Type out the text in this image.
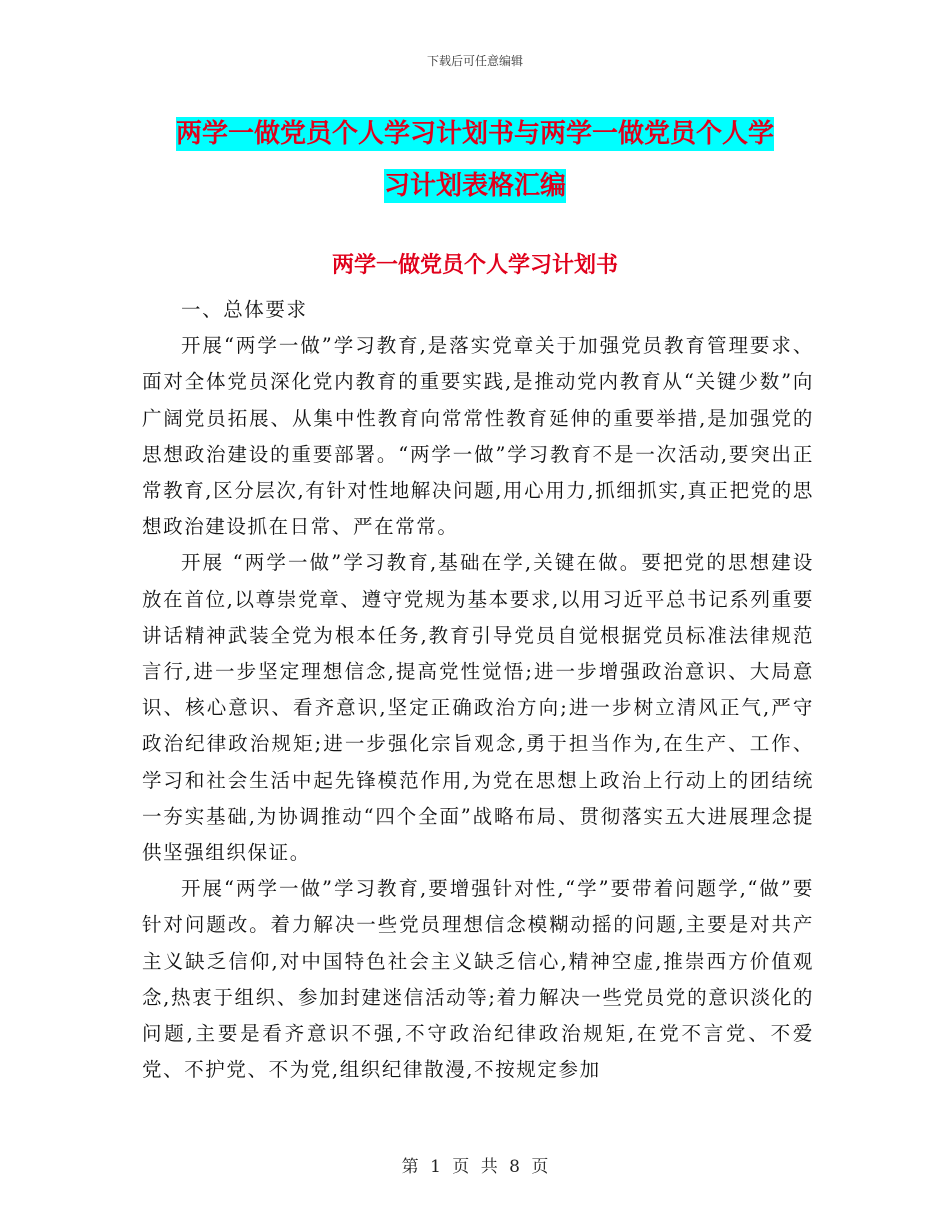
下载后可任意编辑
两学一做党员个人学习计划书与两学一做党员个人学
习计划表格汇编
两学一做党员个人学习计划书

一、总体要求

开展“两学一做”学习教育,是落实党章关于加强党员教育管理要求、面对全体党员深化党内教育的重要实践,是推动党内教育从“关键少数”向广阔党员拓展、从集中性教育向常常性教育延伸的重要举措,是加强党的思想政治建设的重要部署。“两学一做”学习教育不是一次活动,要突出正常教育,区分层次,有针对性地解决问题,用心用力,抓细抓实,真正把党的思想政治建设抓在日常、严在常常。

开展 “两学一做”学习教育,基础在学,关键在做。要把党的思想建设放在首位,以尊崇党章、遵守党规为基本要求,以用习近平总书记系列重要讲话精神武装全党为根本任务,教育引导党员自觉根据党员标准法律规范言行,进一步坚定理想信念,提高党性觉悟;进一步增强政治意识、大局意识、核心意识、看齐意识,坚定正确政治方向;进一步树立清风正气,严守政治纪律政治规矩;进一步强化宗旨观念,勇于担当作为,在生产、工作、学习和社会生活中起先锋模范作用,为党在思想上政治上行动上的团结统一夯实基础,为协调推动“四个全面”战略布局、贯彻落实五大进展理念提供坚强组织保证。

开展“两学一做”学习教育,要增强针对性,“学”要带着问题学,“做”要针对问题改。着力解决一些党员理想信念模糊动摇的问题,主要是对共产主义缺乏信仰,对中国特色社会主义缺乏信心,精神空虚,推崇西方价值观念,热衷于组织、参加封建迷信活动等;着力解决一些党员党的意识淡化的问题,主要是看齐意识不强,不守政治纪律政治规矩,在党不言党、不爱党、不护党、不为党,组织纪律散漫,不按规定参加

第 1 页 共 8 页
